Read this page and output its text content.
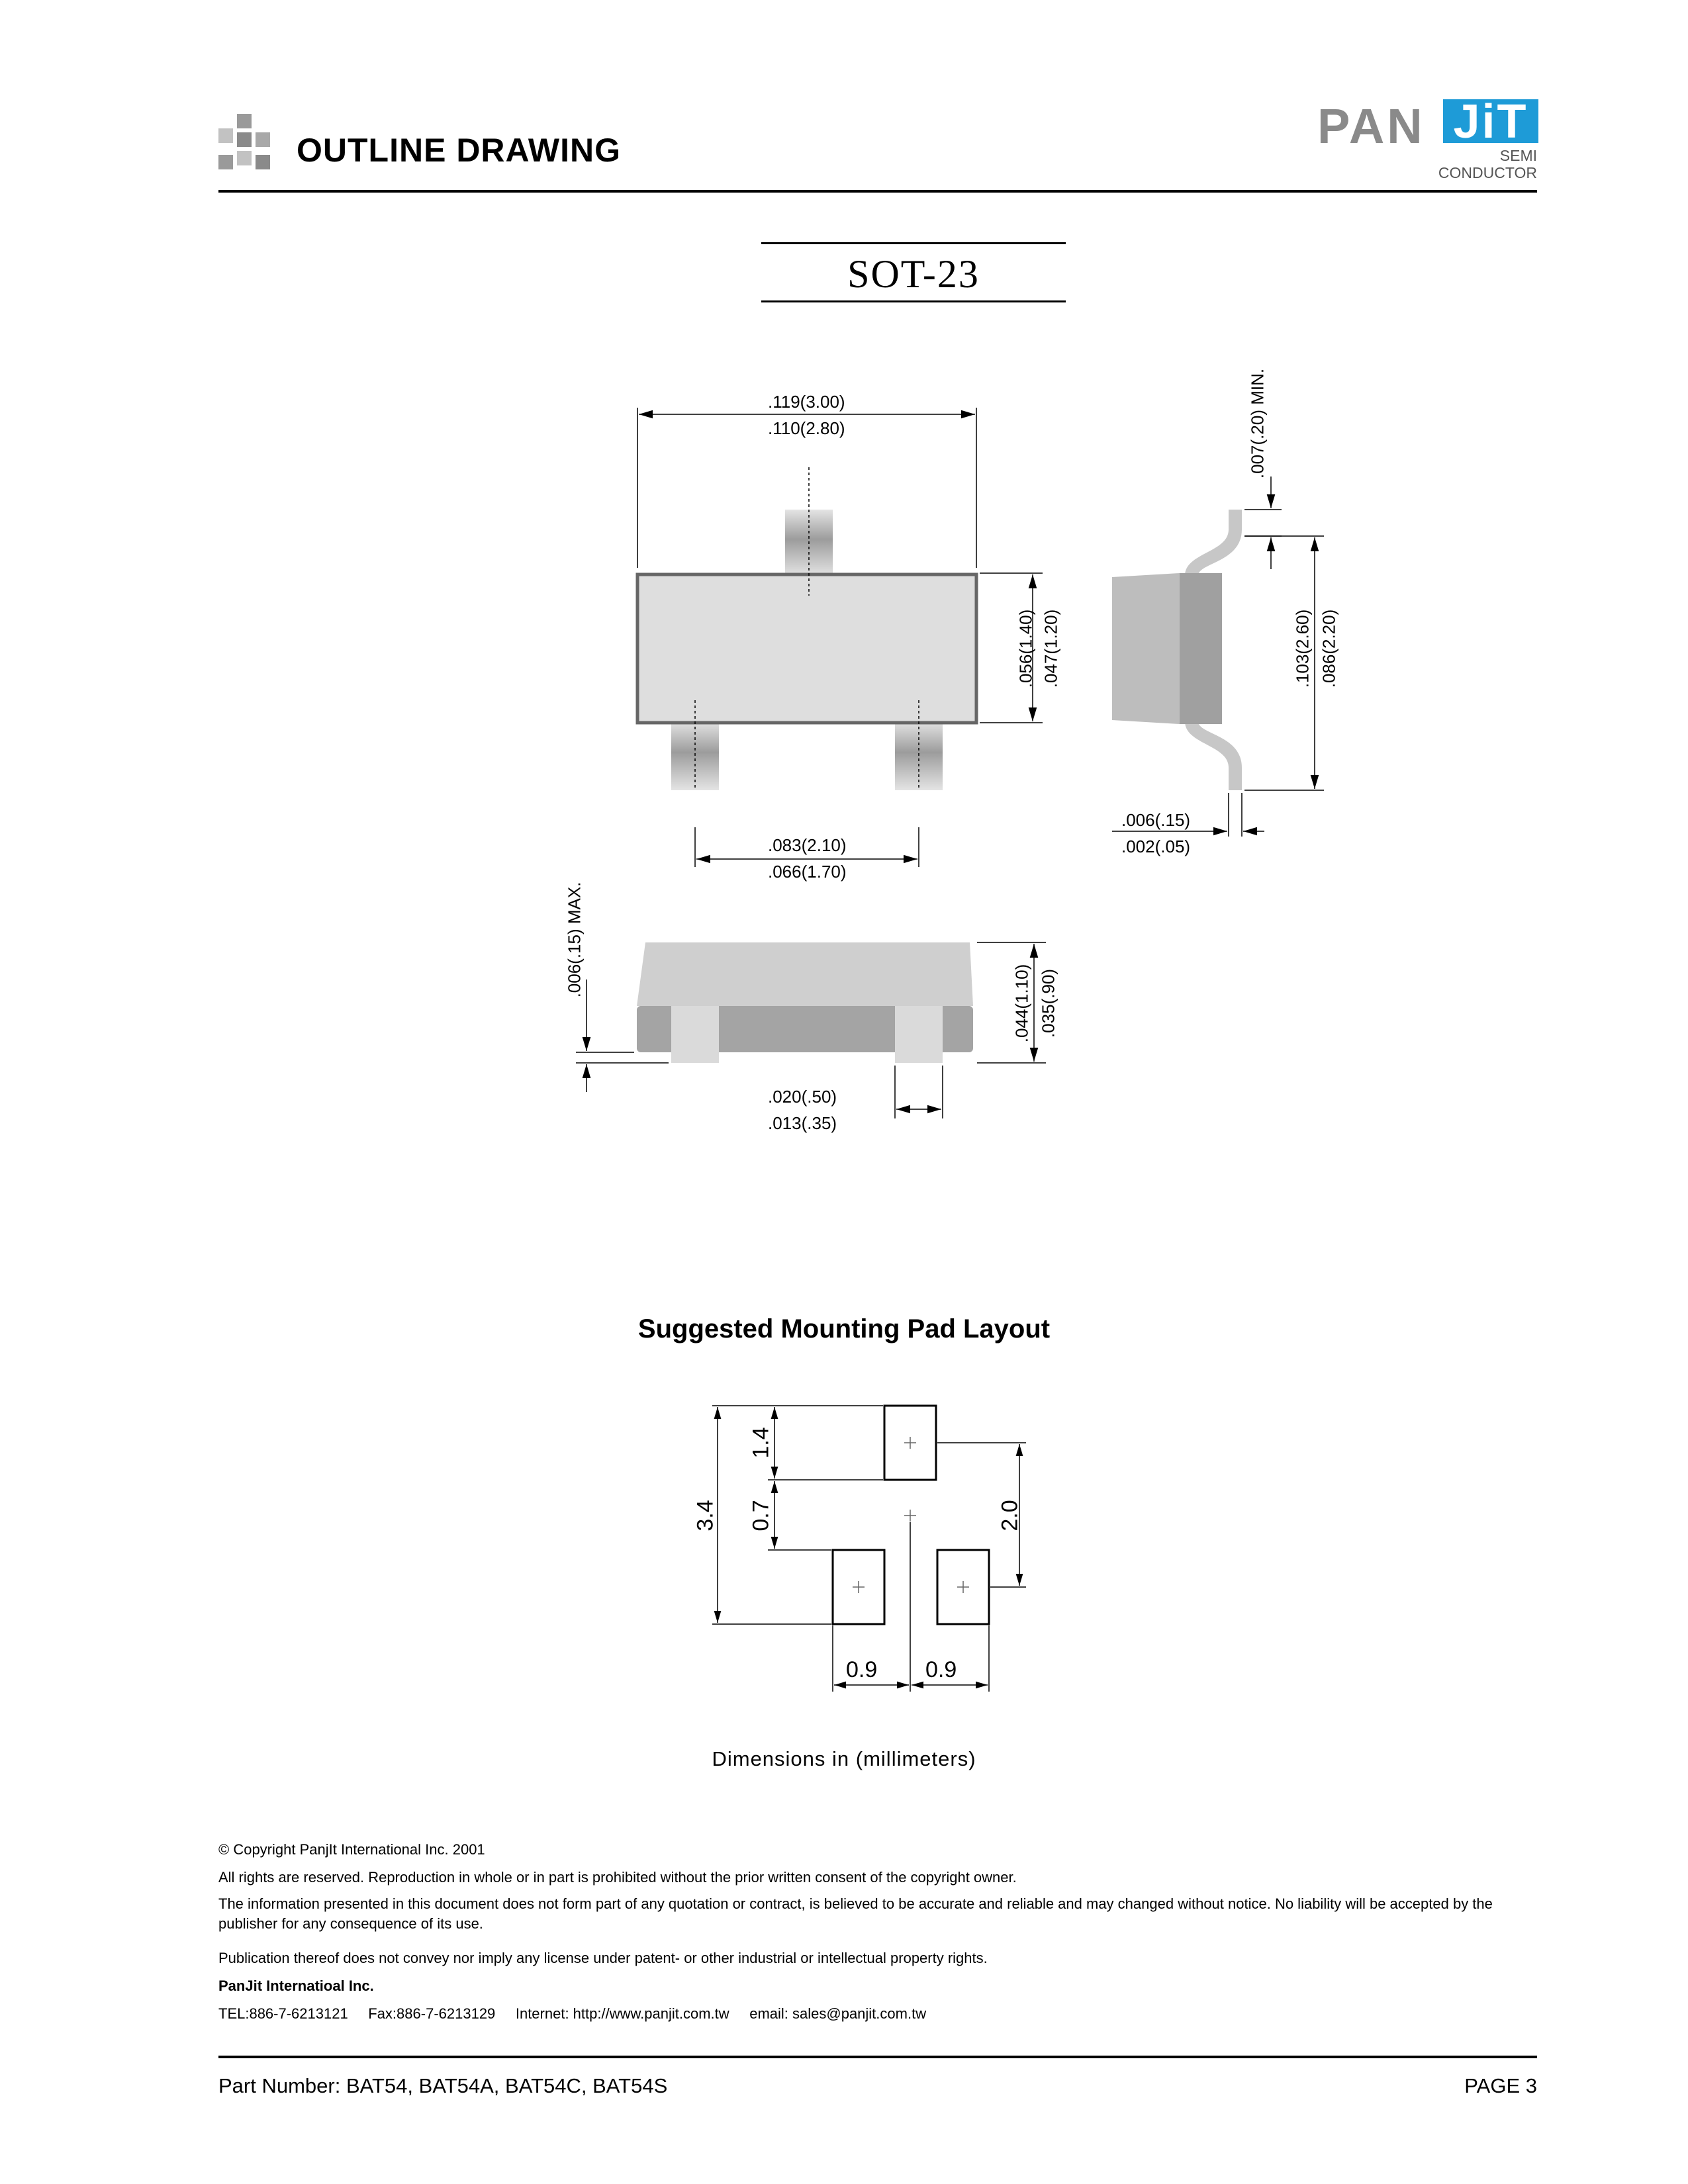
OUTLINE DRAWING	PAN JiT
SEMI
CONDUCTOR
SOT-23
.119(3.00)
.110(2.80)
.083(2.10)
.066(1.70)
.006(.15)
.002(.05)
.020(.50)
.013(.35)
.056(1.40) .047(1.20)
.007(.20) MIN.
.103(2.60) .086(2.20)
.006(.15) MAX.
.044(1.10) .035(.90)
Suggested Mounting Pad Layout
3.4
1.4
0.7	2.0
0.9 0.9
Dimensions in (millimeters)
© Copyright PanjIt International Inc. 2001
All rights are reserved. Reproduction in whole or in part is prohibited without the prior written consent of the copyright owner.
The information presented in this document does not form part of any quotation or contract, is believed to be accurate and reliable and may changed without notice. No liability will be accepted by the publisher for any consequence of its use.
Publication thereof does not convey nor imply any license under patent- or other industrial or intellectual property rights.
PanJit Internatioal Inc.
TEL:886-7-6213121     Fax:886-7-6213129     Internet: http://www.panjit.com.tw     email: sales@panjit.com.tw
Part Number: BAT54, BAT54A, BAT54C, BAT54S	PAGE 3
